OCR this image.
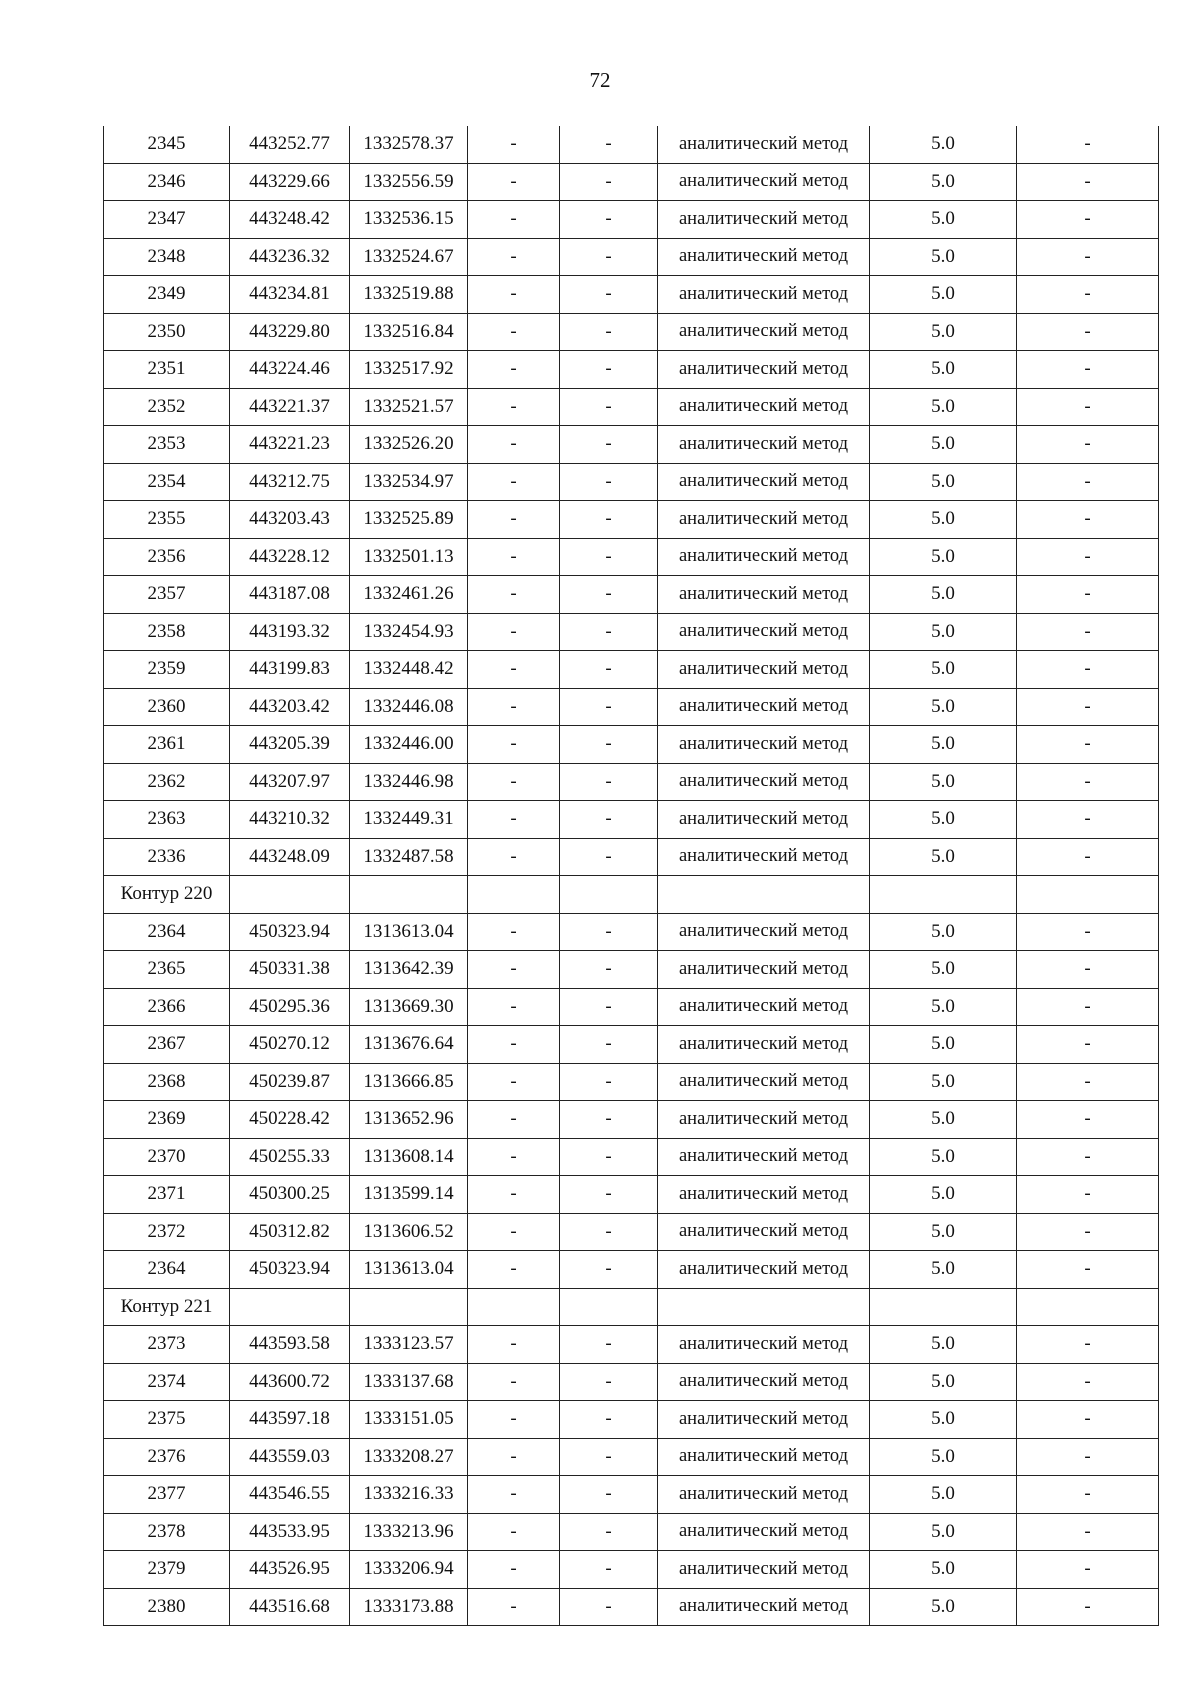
72
2345	443252.77	1332578.37	-	-	аналитический метод	5.0	-
2346	443229.66	1332556.59	-	-	аналитический метод	5.0	-
2347	443248.42	1332536.15	-	-	аналитический метод	5.0	-
2348	443236.32	1332524.67	-	-	аналитический метод	5.0	-
2349	443234.81	1332519.88	-	-	аналитический метод	5.0	-
2350	443229.80	1332516.84	-	-	аналитический метод	5.0	-
2351	443224.46	1332517.92	-	-	аналитический метод	5.0	-
2352	443221.37	1332521.57	-	-	аналитический метод	5.0	-
2353	443221.23	1332526.20	-	-	аналитический метод	5.0	-
2354	443212.75	1332534.97	-	-	аналитический метод	5.0	-
2355	443203.43	1332525.89	-	-	аналитический метод	5.0	-
2356	443228.12	1332501.13	-	-	аналитический метод	5.0	-
2357	443187.08	1332461.26	-	-	аналитический метод	5.0	-
2358	443193.32	1332454.93	-	-	аналитический метод	5.0	-
2359	443199.83	1332448.42	-	-	аналитический метод	5.0	-
2360	443203.42	1332446.08	-	-	аналитический метод	5.0	-
2361	443205.39	1332446.00	-	-	аналитический метод	5.0	-
2362	443207.97	1332446.98	-	-	аналитический метод	5.0	-
2363	443210.32	1332449.31	-	-	аналитический метод	5.0	-
2336	443248.09	1332487.58	-	-	аналитический метод	5.0	-
Контур 220							
2364	450323.94	1313613.04	-	-	аналитический метод	5.0	-
2365	450331.38	1313642.39	-	-	аналитический метод	5.0	-
2366	450295.36	1313669.30	-	-	аналитический метод	5.0	-
2367	450270.12	1313676.64	-	-	аналитический метод	5.0	-
2368	450239.87	1313666.85	-	-	аналитический метод	5.0	-
2369	450228.42	1313652.96	-	-	аналитический метод	5.0	-
2370	450255.33	1313608.14	-	-	аналитический метод	5.0	-
2371	450300.25	1313599.14	-	-	аналитический метод	5.0	-
2372	450312.82	1313606.52	-	-	аналитический метод	5.0	-
2364	450323.94	1313613.04	-	-	аналитический метод	5.0	-
Контур 221							
2373	443593.58	1333123.57	-	-	аналитический метод	5.0	-
2374	443600.72	1333137.68	-	-	аналитический метод	5.0	-
2375	443597.18	1333151.05	-	-	аналитический метод	5.0	-
2376	443559.03	1333208.27	-	-	аналитический метод	5.0	-
2377	443546.55	1333216.33	-	-	аналитический метод	5.0	-
2378	443533.95	1333213.96	-	-	аналитический метод	5.0	-
2379	443526.95	1333206.94	-	-	аналитический метод	5.0	-
2380	443516.68	1333173.88	-	-	аналитический метод	5.0	-
